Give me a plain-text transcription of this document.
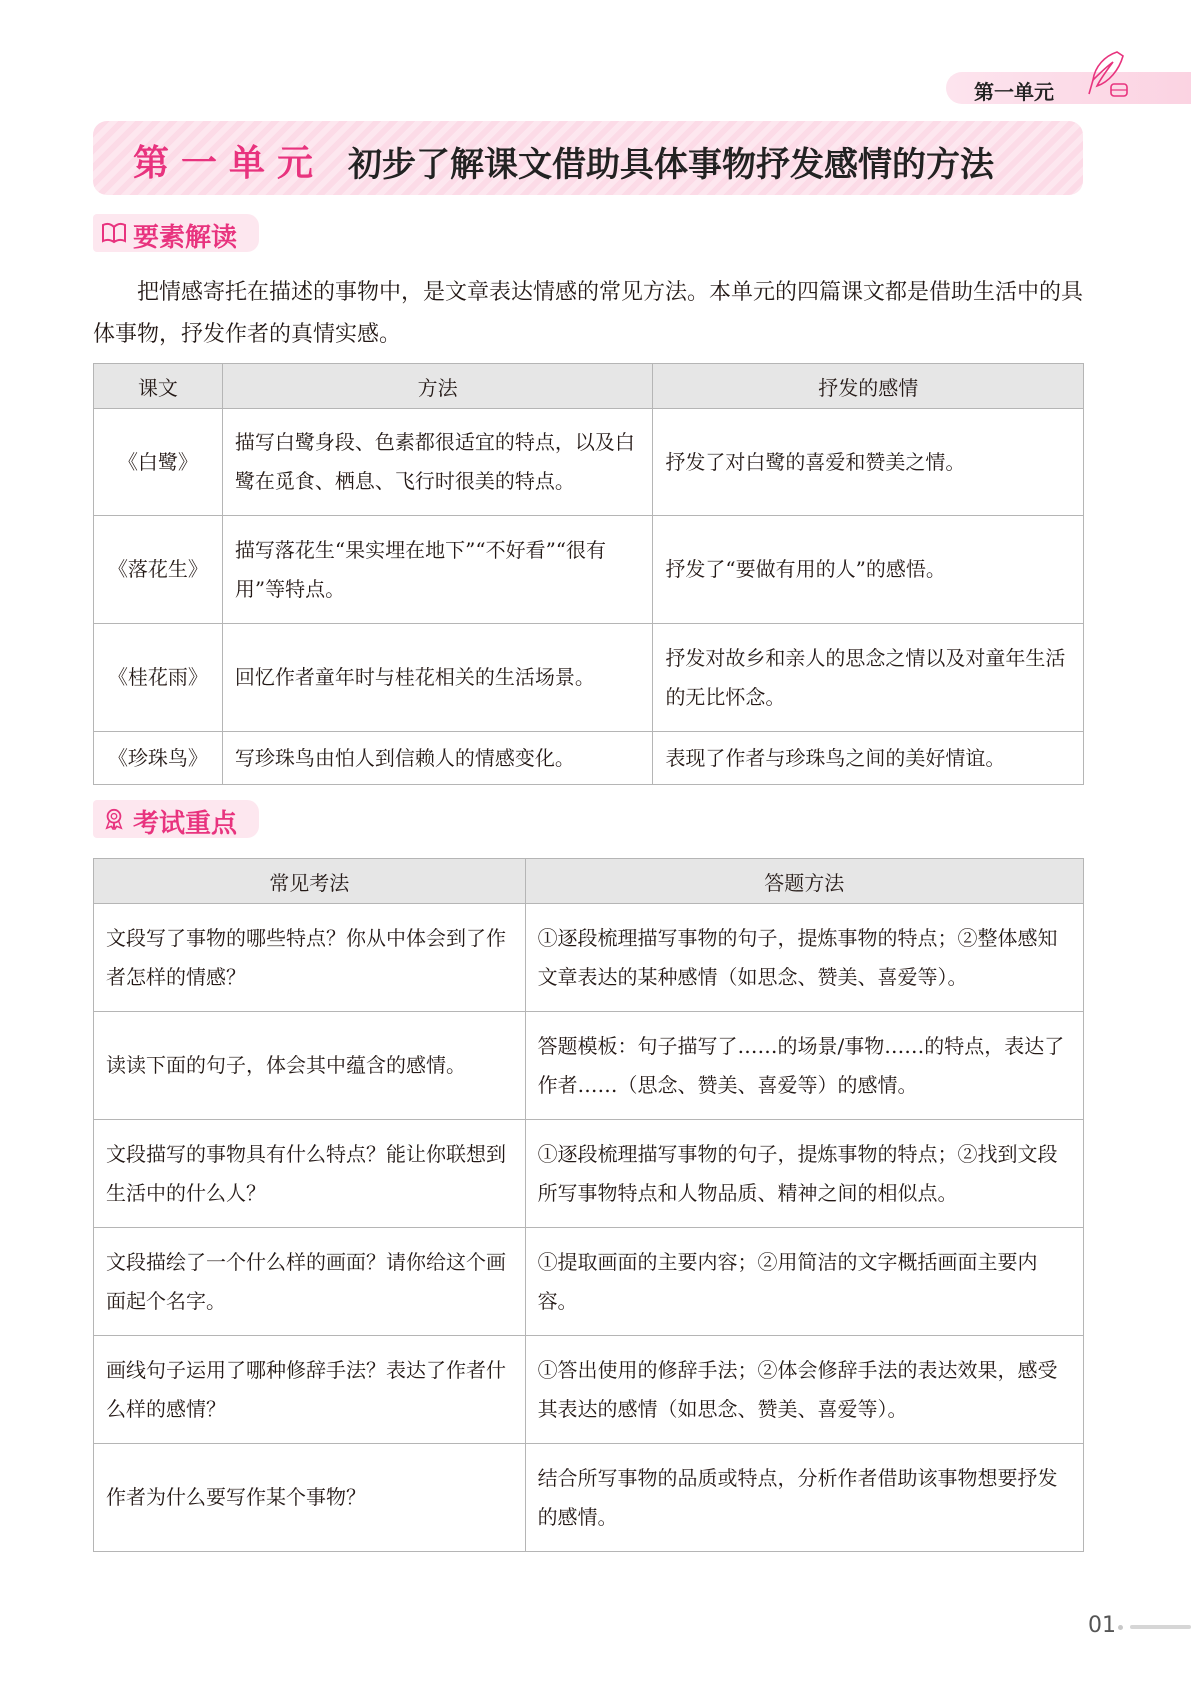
第一单元
第一单元 初步了解课文借助具体事物抒发感情的方法
要素解读
把情感寄托在描述的事物中，是文章表达情感的常见方法。本单元的四篇课文都是借助生活中的具体事物，抒发作者的真情实感。
课文	方法	抒发的感情
《白鹭》	描写白鹭身段、色素都很适宜的特点，以及白鹭在觅食、栖息、飞行时很美的特点。	抒发了对白鹭的喜爱和赞美之情。
《落花生》	描写落花生“果实埋在地下”“不好看”“很有用”等特点。	抒发了“要做有用的人”的感悟。
《桂花雨》	回忆作者童年时与桂花相关的生活场景。	抒发对故乡和亲人的思念之情以及对童年生活的无比怀念。
《珍珠鸟》	写珍珠鸟由怕人到信赖人的情感变化。	表现了作者与珍珠鸟之间的美好情谊。
考试重点
常见考法	答题方法
文段写了事物的哪些特点？你从中体会到了作者怎样的情感？	①逐段梳理描写事物的句子，提炼事物的特点；②整体感知文章表达的某种感情（如思念、赞美、喜爱等）。
读读下面的句子，体会其中蕴含的感情。	答题模板：句子描写了……的场景/事物……的特点，表达了作者……（思念、赞美、喜爱等）的感情。
文段描写的事物具有什么特点？能让你联想到生活中的什么人？	①逐段梳理描写事物的句子，提炼事物的特点；②找到文段所写事物特点和人物品质、精神之间的相似点。
文段描绘了一个什么样的画面？请你给这个画面起个名字。	①提取画面的主要内容；②用简洁的文字概括画面主要内容。
画线句子运用了哪种修辞手法？表达了作者什么样的感情？	①答出使用的修辞手法；②体会修辞手法的表达效果，感受其表达的感情（如思念、赞美、喜爱等）。
作者为什么要写作某个事物？	结合所写事物的品质或特点，分析作者借助该事物想要抒发的感情。
01
